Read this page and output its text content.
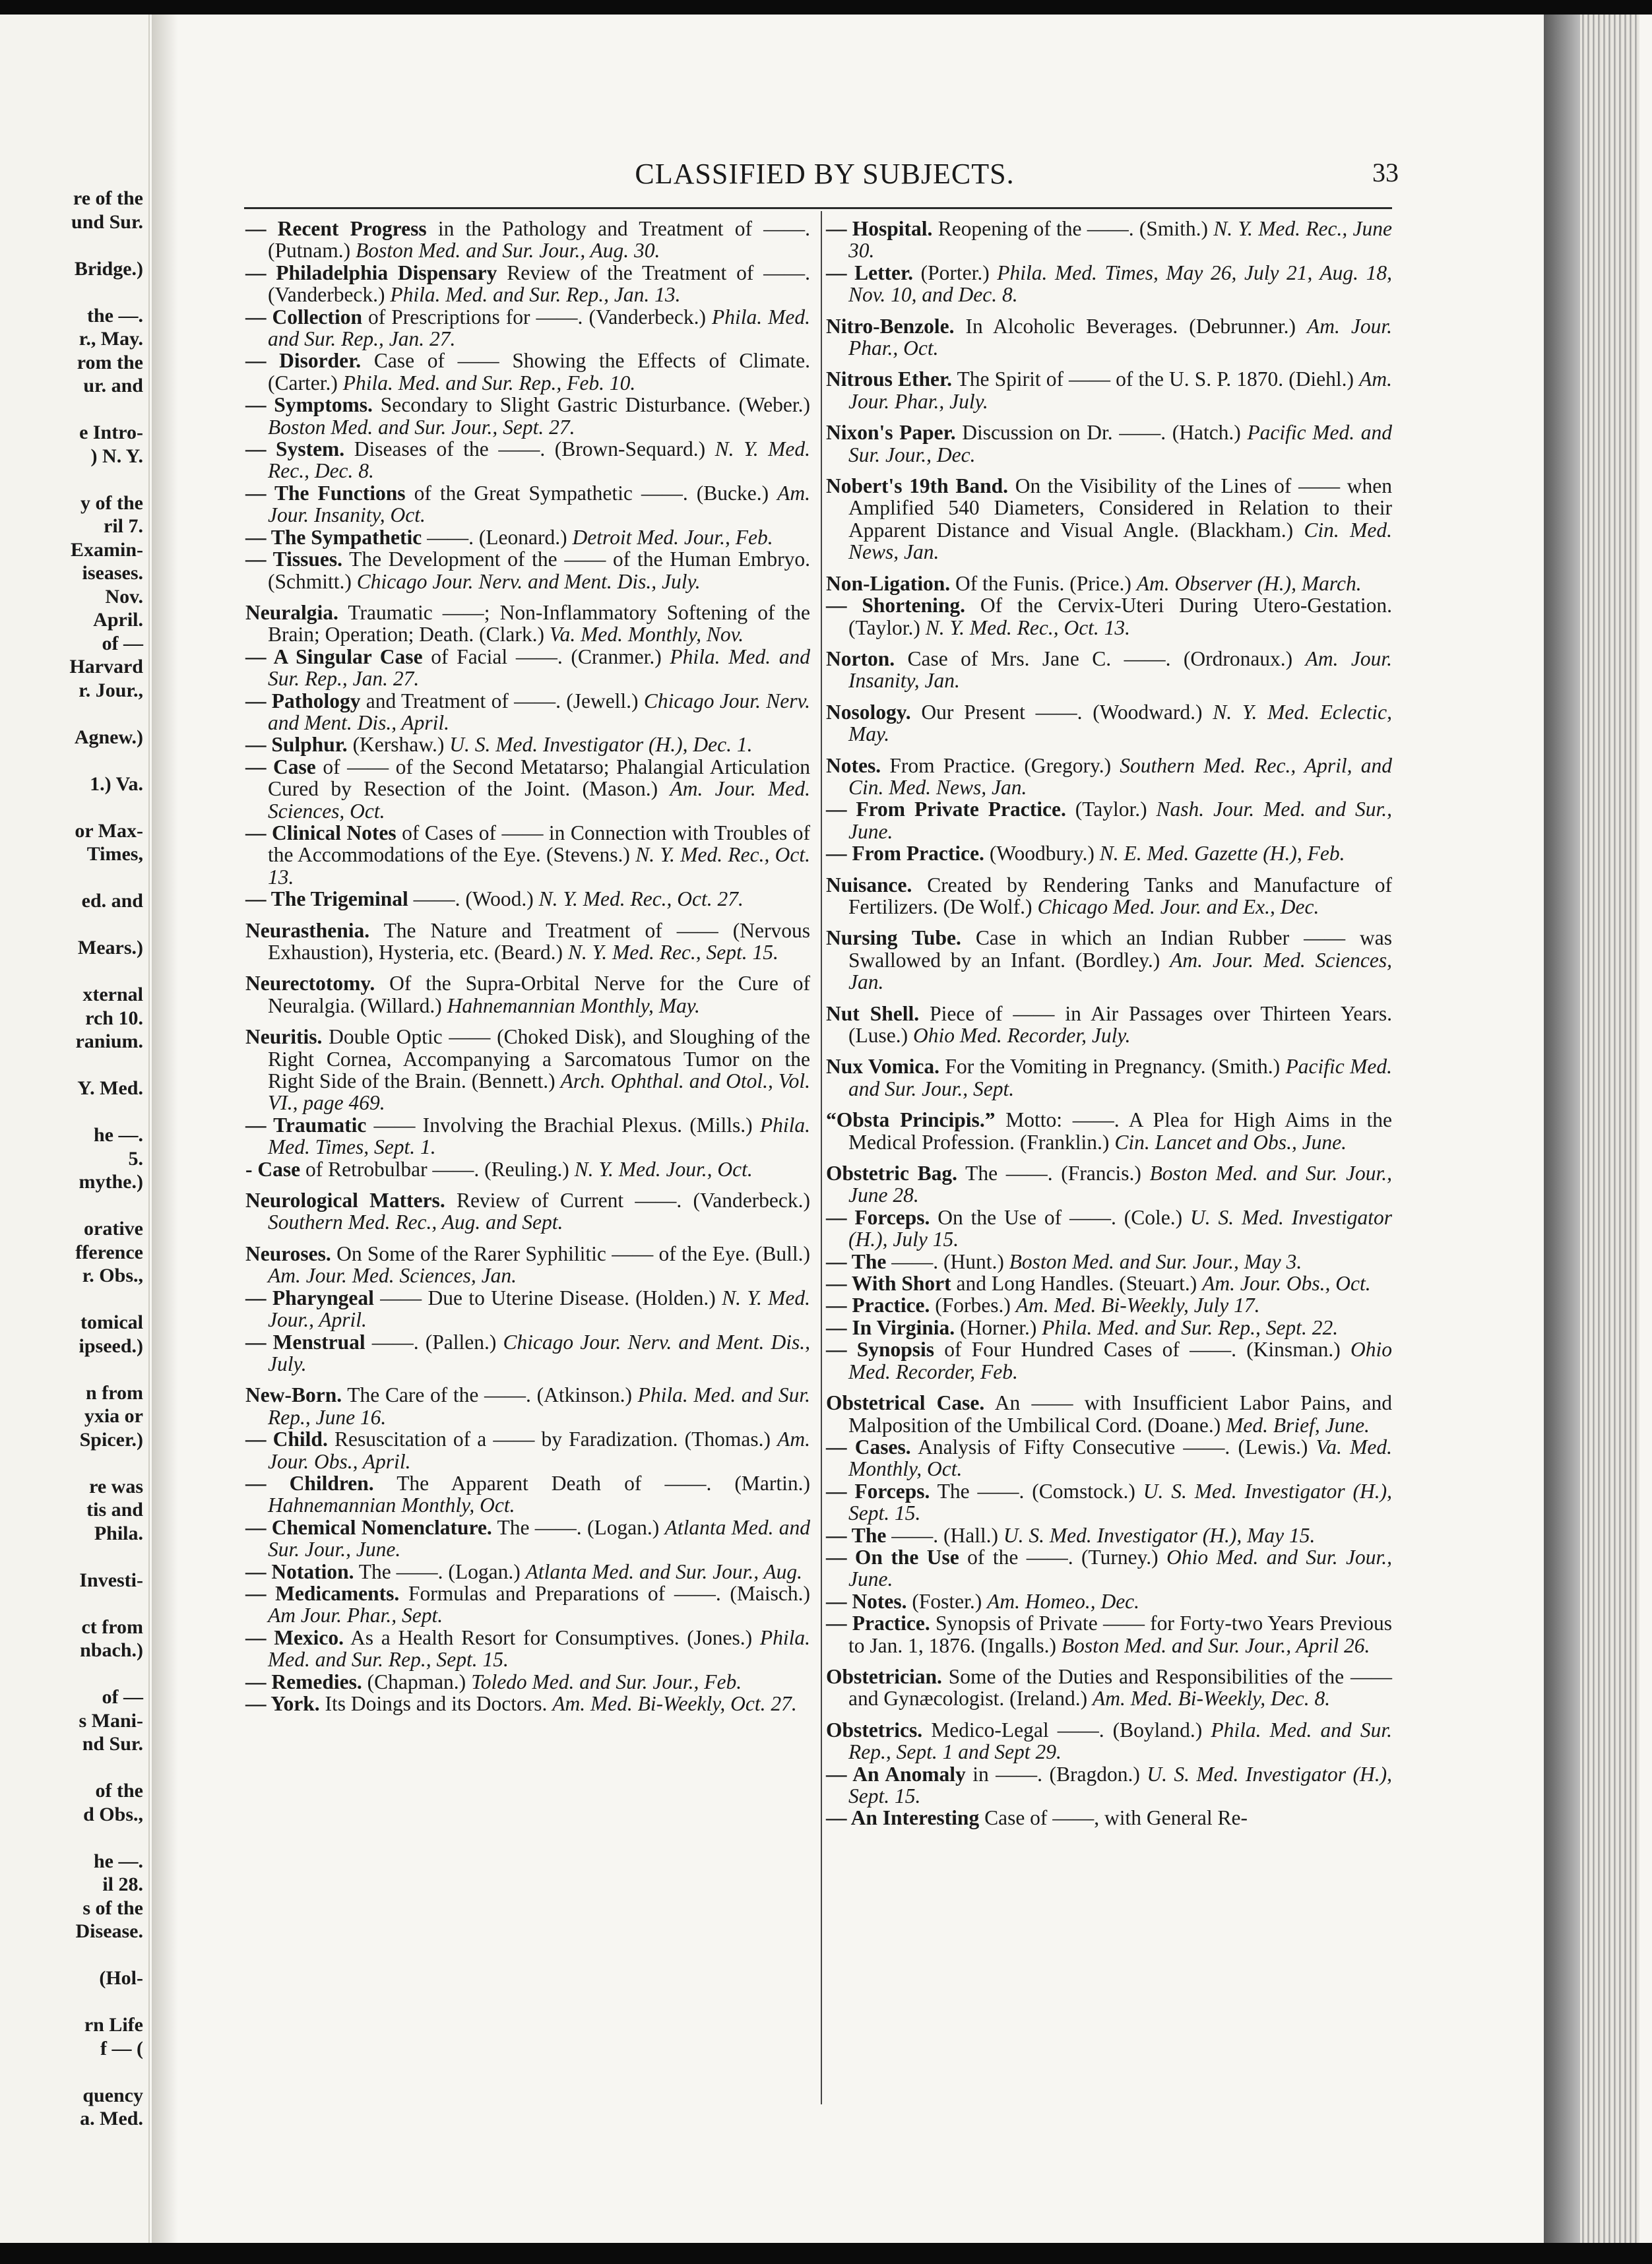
re of the
und Sur.
Bridge.)
the —.
r., May.
rom the
ur. and
e Intro-
) N. Y.
y of the
ril 7.
Examin-
iseases.
Nov.
April.
of —
Harvard
r. Jour.,
Agnew.)
1.) Va.
or Max-
Times,
ed. and
Mears.)
xternal
rch 10.
ranium.
Y. Med.
he —.
5.
mythe.)
orative
fference
r. Obs.,
tomical
ipseed.)
n from
yxia or
Spicer.)
re was
tis and
Phila.
Investi-
ct from
nbach.)
of —
s Mani-
nd Sur.
of the
d Obs.,
he —.
il 28.
s of the
Disease.
(Hol-
rn Life
f — (
quency
a. Med.
CLASSIFIED BY SUBJECTS.	33

— Recent Progress in the Pathology and Treatment of ——. (Putnam.) Boston Med. and Sur. Jour., Aug. 30.

— Philadelphia Dispensary Review of the Treatment of ——. (Vanderbeck.) Phila. Med. and Sur. Rep., Jan. 13.

— Collection of Prescriptions for ——. (Vanderbeck.) Phila. Med. and Sur. Rep., Jan. 27.

— Disorder. Case of —— Showing the Effects of Climate. (Carter.) Phila. Med. and Sur. Rep., Feb. 10.

— Symptoms. Secondary to Slight Gastric Disturbance. (Weber.) Boston Med. and Sur. Jour., Sept. 27.

— System. Diseases of the ——. (Brown-Sequard.) N. Y. Med. Rec., Dec. 8.

— The Functions of the Great Sympathetic ——. (Bucke.) Am. Jour. Insanity, Oct.

— The Sympathetic ——. (Leonard.) Detroit Med. Jour., Feb.

— Tissues. The Development of the —— of the Human Embryo. (Schmitt.) Chicago Jour. Nerv. and Ment. Dis., July.

Neuralgia. Traumatic ——; Non-Inflammatory Softening of the Brain; Operation; Death. (Clark.) Va. Med. Monthly, Nov.

— A Singular Case of Facial ——. (Cranmer.) Phila. Med. and Sur. Rep., Jan. 27.

— Pathology and Treatment of ——. (Jewell.) Chicago Jour. Nerv. and Ment. Dis., April.

— Sulphur. (Kershaw.) U. S. Med. Investigator (H.), Dec. 1.

— Case of —— of the Second Metatarso; Phalangial Articulation Cured by Resection of the Joint. (Mason.) Am. Jour. Med. Sciences, Oct.

— Clinical Notes of Cases of —— in Connection with Troubles of the Accommodations of the Eye. (Stevens.) N. Y. Med. Rec., Oct. 13.

— The Trigeminal ——. (Wood.) N. Y. Med. Rec., Oct. 27.

Neurasthenia. The Nature and Treatment of —— (Nervous Exhaustion), Hysteria, etc. (Beard.) N. Y. Med. Rec., Sept. 15.

Neurectotomy. Of the Supra-Orbital Nerve for the Cure of Neuralgia. (Willard.) Hahnemannian Monthly, May.

Neuritis. Double Optic —— (Choked Disk), and Sloughing of the Right Cornea, Accompanying a Sarcomatous Tumor on the Right Side of the Brain. (Bennett.) Arch. Ophthal. and Otol., Vol. VI., page 469.

— Traumatic —— Involving the Brachial Plexus. (Mills.) Phila. Med. Times, Sept. 1.

- Case of Retrobulbar ——. (Reuling.) N. Y. Med. Jour., Oct.

Neurological Matters. Review of Current ——. (Vanderbeck.) Southern Med. Rec., Aug. and Sept.

Neuroses. On Some of the Rarer Syphilitic —— of the Eye. (Bull.) Am. Jour. Med. Sciences, Jan.

— Pharyngeal —— Due to Uterine Disease. (Holden.) N. Y. Med. Jour., April.

— Menstrual ——. (Pallen.) Chicago Jour. Nerv. and Ment. Dis., July.

New-Born. The Care of the ——. (Atkinson.) Phila. Med. and Sur. Rep., June 16.

— Child. Resuscitation of a —— by Faradization. (Thomas.) Am. Jour. Obs., April.

— Children. The Apparent Death of ——. (Martin.) Hahnemannian Monthly, Oct.

— Chemical Nomenclature. The ——. (Logan.) Atlanta Med. and Sur. Jour., June.

— Notation. The ——. (Logan.) Atlanta Med. and Sur. Jour., Aug.

— Medicaments. Formulas and Preparations of ——. (Maisch.) Am Jour. Phar., Sept.

— Mexico. As a Health Resort for Consumptives. (Jones.) Phila. Med. and Sur. Rep., Sept. 15.

— Remedies. (Chapman.) Toledo Med. and Sur. Jour., Feb.

— York. Its Doings and its Doctors. Am. Med. Bi-Weekly, Oct. 27.

— Hospital. Reopening of the ——. (Smith.) N. Y. Med. Rec., June 30.

— Letter. (Porter.) Phila. Med. Times, May 26, July 21, Aug. 18, Nov. 10, and Dec. 8.

Nitro-Benzole. In Alcoholic Beverages. (Debrunner.) Am. Jour. Phar., Oct.

Nitrous Ether. The Spirit of —— of the U. S. P. 1870. (Diehl.) Am. Jour. Phar., July.

Nixon's Paper. Discussion on Dr. ——. (Hatch.) Pacific Med. and Sur. Jour., Dec.

Nobert's 19th Band. On the Visibility of the Lines of —— when Amplified 540 Diameters, Considered in Relation to their Apparent Distance and Visual Angle. (Blackham.) Cin. Med. News, Jan.

Non-Ligation. Of the Funis. (Price.) Am. Observer (H.), March.

— Shortening. Of the Cervix-Uteri During Utero-Gestation. (Taylor.) N. Y. Med. Rec., Oct. 13.

Norton. Case of Mrs. Jane C. ——. (Ordronaux.) Am. Jour. Insanity, Jan.

Nosology. Our Present ——. (Woodward.) N. Y. Med. Eclectic, May.

Notes. From Practice. (Gregory.) Southern Med. Rec., April, and Cin. Med. News, Jan.

— From Private Practice. (Taylor.) Nash. Jour. Med. and Sur., June.

— From Practice. (Woodbury.) N. E. Med. Gazette (H.), Feb.

Nuisance. Created by Rendering Tanks and Manufacture of Fertilizers. (De Wolf.) Chicago Med. Jour. and Ex., Dec.

Nursing Tube. Case in which an Indian Rubber —— was Swallowed by an Infant. (Bordley.) Am. Jour. Med. Sciences, Jan.

Nut Shell. Piece of —— in Air Passages over Thirteen Years. (Luse.) Ohio Med. Recorder, July.

Nux Vomica. For the Vomiting in Pregnancy. (Smith.) Pacific Med. and Sur. Jour., Sept.

“Obsta Principis.” Motto: ——. A Plea for High Aims in the Medical Profession. (Franklin.) Cin. Lancet and Obs., June.

Obstetric Bag. The ——. (Francis.) Boston Med. and Sur. Jour., June 28.

— Forceps. On the Use of ——. (Cole.) U. S. Med. Investigator (H.), July 15.

— The ——. (Hunt.) Boston Med. and Sur. Jour., May 3.

— With Short and Long Handles. (Steuart.) Am. Jour. Obs., Oct.

— Practice. (Forbes.) Am. Med. Bi-Weekly, July 17.

— In Virginia. (Horner.) Phila. Med. and Sur. Rep., Sept. 22.

— Synopsis of Four Hundred Cases of ——. (Kinsman.) Ohio Med. Recorder, Feb.

Obstetrical Case. An —— with Insufficient Labor Pains, and Malposition of the Umbilical Cord. (Doane.) Med. Brief, June.

— Cases. Analysis of Fifty Consecutive ——. (Lewis.) Va. Med. Monthly, Oct.

— Forceps. The ——. (Comstock.) U. S. Med. Investigator (H.), Sept. 15.

— The ——. (Hall.) U. S. Med. Investigator (H.), May 15.

— On the Use of the ——. (Turney.) Ohio Med. and Sur. Jour., June.

— Notes. (Foster.) Am. Homeo., Dec.

— Practice. Synopsis of Private —— for Forty-two Years Previous to Jan. 1, 1876. (Ingalls.) Boston Med. and Sur. Jour., April 26.

Obstetrician. Some of the Duties and Responsibilities of the —— and Gynæcologist. (Ireland.) Am. Med. Bi-Weekly, Dec. 8.

Obstetrics. Medico-Legal ——. (Boyland.) Phila. Med. and Sur. Rep., Sept. 1 and Sept 29.

— An Anomaly in ——. (Bragdon.) U. S. Med. Investigator (H.), Sept. 15.

— An Interesting Case of ——, with General Re-
